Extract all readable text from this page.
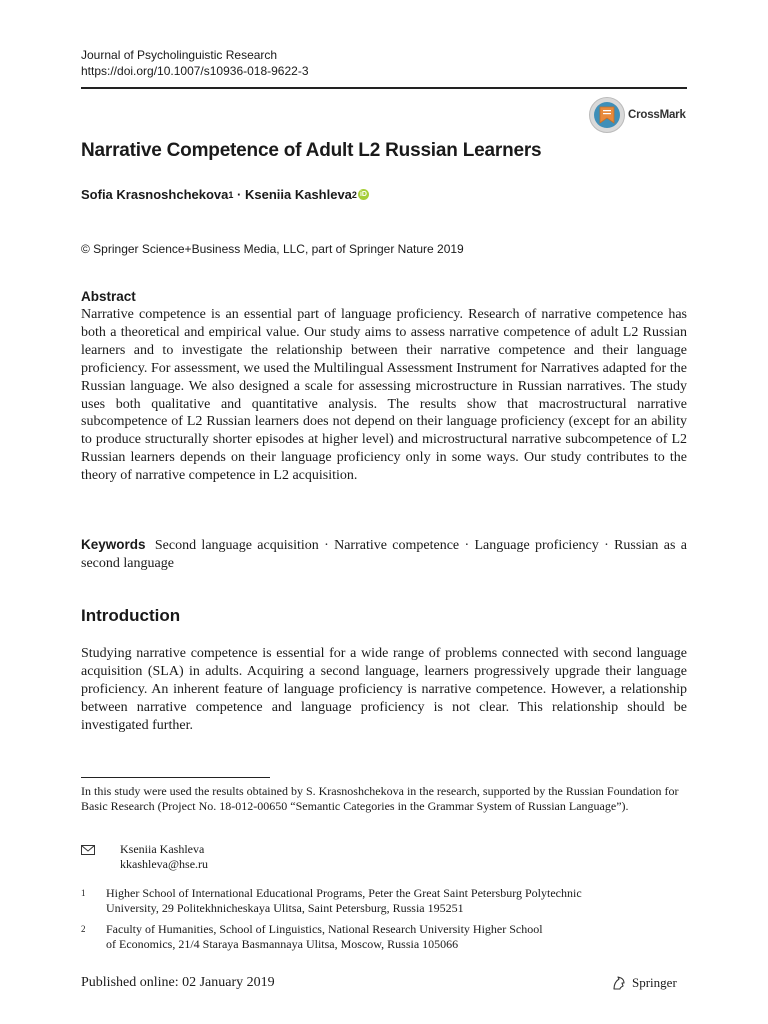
Journal of Psycholinguistic Research
https://doi.org/10.1007/s10936-018-9622-3
CrossMark
Narrative Competence of Adult L2 Russian Learners
Sofia Krasnoshchekova 1 · Kseniia Kashleva 2 iD
© Springer Science+Business Media, LLC, part of Springer Nature 2019
Abstract

Narrative competence is an essential part of language proficiency. Research of narrative competence has both a theoretical and empirical value. Our study aims to assess narrative competence of adult L2 Russian learners and to investigate the relationship between their narrative competence and their language proficiency. For assessment, we used the Multilingual Assessment Instrument for Narratives adapted for the Russian language. We also designed a scale for assessing microstructure in Russian narratives. The study uses both qualitative and quantitative analysis. The results show that macrostructural narrative subcompetence of L2 Russian learners does not depend on their language proficiency (except for an ability to produce structurally shorter episodes at higher level) and microstructural narrative subcompetence of L2 Russian learners depends on their language proficiency only in some ways. Our study contributes to the theory of narrative competence in L2 acquisition.

Keywords Second language acquisition · Narrative competence · Language proficiency · Russian as a second language

Introduction

Studying narrative competence is essential for a wide range of problems connected with second language acquisition (SLA) in adults. Acquiring a second language, learners progressively upgrade their language proficiency. An inherent feature of language proficiency is narrative competence. However, a relationship between narrative competence and language proficiency is not clear. This relationship should be investigated further.

In this study were used the results obtained by S. Krasnoshchekova in the research, supported by the Russian Foundation for Basic Research (Project No. 18-012-00650 “Semantic Categories in the Grammar System of Russian Language”).
Kseniia Kashleva
kkashleva@hse.ru
1	Higher School of International Educational Programs, Peter the Great Saint Petersburg Polytechnic
University, 29 Politekhnicheskaya Ulitsa, Saint Petersburg, Russia 195251
2	Faculty of Humanities, School of Linguistics, National Research University Higher School
of Economics, 21/4 Staraya Basmannaya Ulitsa, Moscow, Russia 105066
Published online: 02 January 2019	Springer
